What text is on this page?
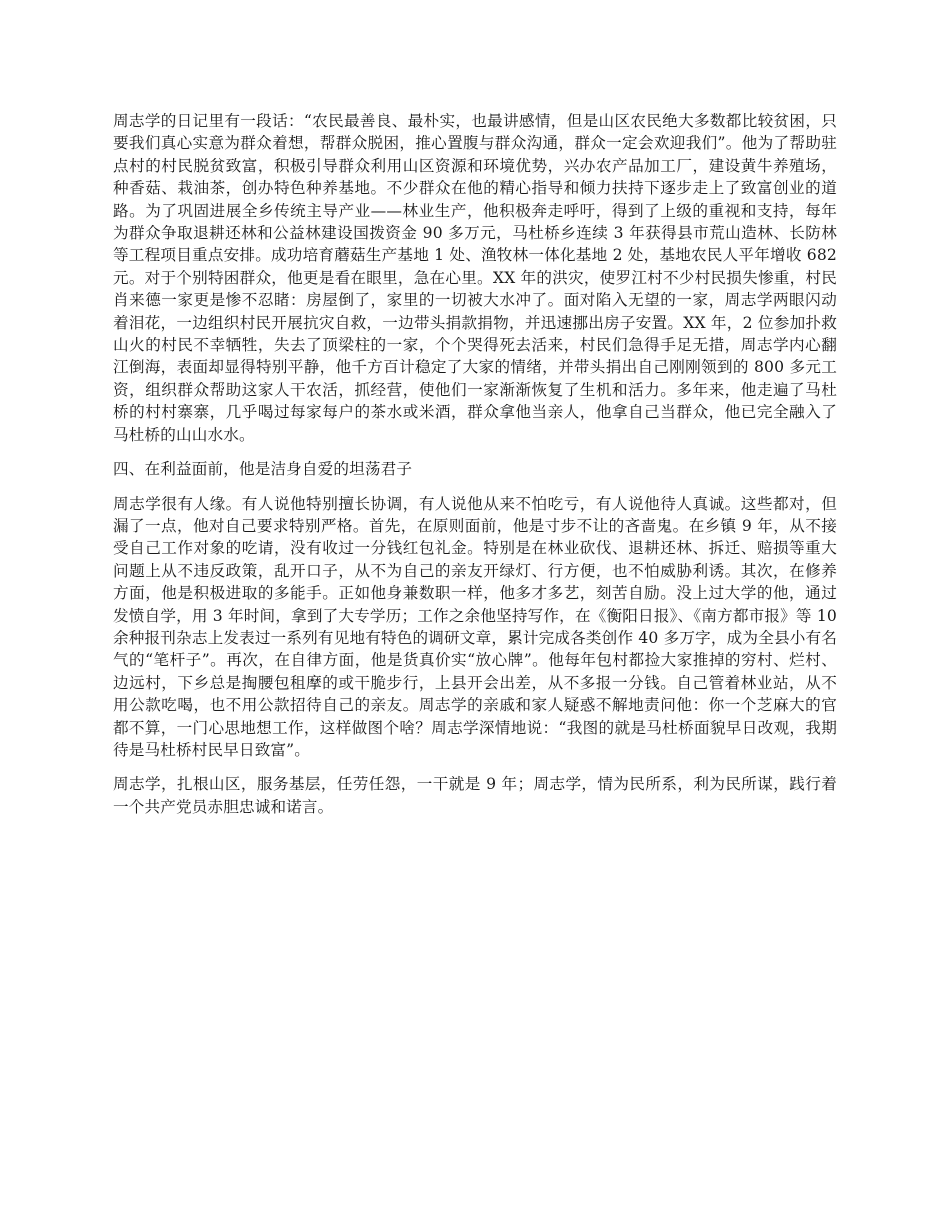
周志学的日记里有一段话：“农民最善良、最朴实，也最讲感情，但是山区农民绝大多数都比较贫困，只要我们真心实意为群众着想，帮群众脱困，推心置腹与群众沟通，群众一定会欢迎我们”。他为了帮助驻点村的村民脱贫致富，积极引导群众利用山区资源和环境优势，兴办农产品加工厂，建设黄牛养殖场，种香菇、栽油茶，创办特色种养基地。不少群众在他的精心指导和倾力扶持下逐步走上了致富创业的道路。为了巩固进展全乡传统主导产业——林业生产，他积极奔走呼吁，得到了上级的重视和支持，每年为群众争取退耕还林和公益林建设国拨资金 90 多万元，马杜桥乡连续 3 年获得县市荒山造林、长防林等工程项目重点安排。成功培育蘑菇生产基地 1 处、渔牧林一体化基地 2 处，基地农民人平年增收 682 元。对于个别特困群众，他更是看在眼里，急在心里。XX 年的洪灾，使罗江村不少村民损失惨重，村民肖来德一家更是惨不忍睹：房屋倒了，家里的一切被大水冲了。面对陷入无望的一家，周志学两眼闪动着泪花，一边组织村民开展抗灾自救，一边带头捐款捐物，并迅速挪出房子安置。XX 年，2 位参加扑救山火的村民不幸牺牲，失去了顶梁柱的一家，个个哭得死去活来，村民们急得手足无措，周志学内心翻江倒海，表面却显得特别平静，他千方百计稳定了大家的情绪，并带头捐出自己刚刚领到的 800 多元工资，组织群众帮助这家人干农活，抓经营，使他们一家渐渐恢复了生机和活力。多年来，他走遍了马杜桥的村村寨寨，几乎喝过每家每户的茶水或米酒，群众拿他当亲人，他拿自己当群众，他已完全融入了马杜桥的山山水水。

四、在利益面前，他是洁身自爱的坦荡君子

周志学很有人缘。有人说他特别擅长协调，有人说他从来不怕吃亏，有人说他待人真诚。这些都对，但漏了一点，他对自己要求特别严格。首先，在原则面前，他是寸步不让的吝啬鬼。在乡镇 9 年，从不接受自己工作对象的吃请，没有收过一分钱红包礼金。特别是在林业砍伐、退耕还林、拆迁、赔损等重大问题上从不违反政策，乱开口子，从不为自己的亲友开绿灯、行方便，也不怕威胁利诱。其次，在修养方面，他是积极进取的多能手。正如他身兼数职一样，他多才多艺，刻苦自励。没上过大学的他，通过发愤自学，用 3 年时间，拿到了大专学历；工作之余他坚持写作，在《衡阳日报》、《南方都市报》等 10 余种报刊杂志上发表过一系列有见地有特色的调研文章，累计完成各类创作 40 多万字，成为全县小有名气的“笔杆子”。再次，在自律方面，他是货真价实“放心牌”。他每年包村都捡大家推掉的穷村、烂村、边远村，下乡总是掏腰包租摩的或干脆步行，上县开会出差，从不多报一分钱。自己管着林业站，从不用公款吃喝，也不用公款招待自己的亲友。周志学的亲戚和家人疑惑不解地责问他：你一个芝麻大的官都不算，一门心思地想工作，这样做图个啥？周志学深情地说：“我图的就是马杜桥面貌早日改观，我期待是马杜桥村民早日致富”。

周志学，扎根山区，服务基层，任劳任怨，一干就是 9 年；周志学，情为民所系，利为民所谋，践行着一个共产党员赤胆忠诚和诺言。
